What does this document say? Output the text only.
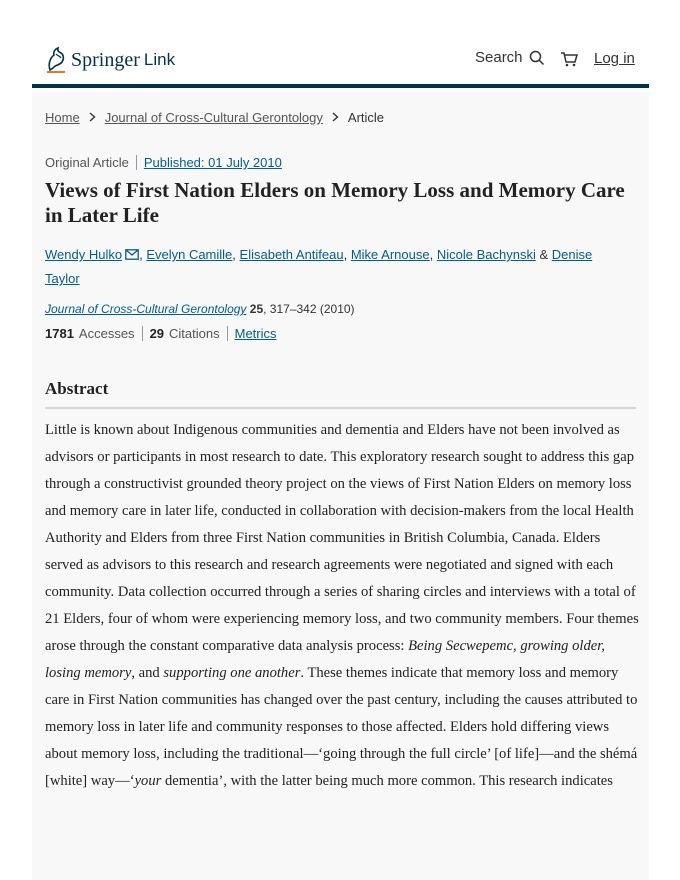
Springer Link	Search	Log in
Home Journal of Cross-Cultural Gerontology Article
Original Article Published: 01 July 2010
Views of First Nation Elders on Memory Loss and Memory Care in Later Life
Wendy Hulko , Evelyn Camille, Elisabeth Antifeau, Mike Arnouse, Nicole Bachynski & Denise Taylor
Journal of Cross-Cultural Gerontology 25, 317–342 (2010)
1781 Accesses 29 Citations Metrics
Abstract

Little is known about Indigenous communities and dementia and Elders have not been involved as advisors or participants in most research to date. This exploratory research sought to address this gap through a constructivist grounded theory project on the views of First Nation Elders on memory loss and memory care in later life, conducted in collaboration with decision-makers from the local Health Authority and Elders from three First Nation communities in British Columbia, Canada. Elders served as advisors to this research and research agreements were negotiated and signed with each community. Data collection occurred through a series of sharing circles and interviews with a total of 21 Elders, four of whom were experiencing memory loss, and two community members. Four themes arose through the constant comparative data analysis process: Being Secwepemc, growing older, losing memory, and supporting one another. These themes indicate that memory loss and memory care in First Nation communities has changed over the past century, including the causes attributed to memory loss in later life and community responses to those affected. Elders hold differing views about memory loss, including the traditional—‘going through the full circle’ [of life]—and the shémá [white] way—‘your dementia’, with the latter being much more common. This research indicates
